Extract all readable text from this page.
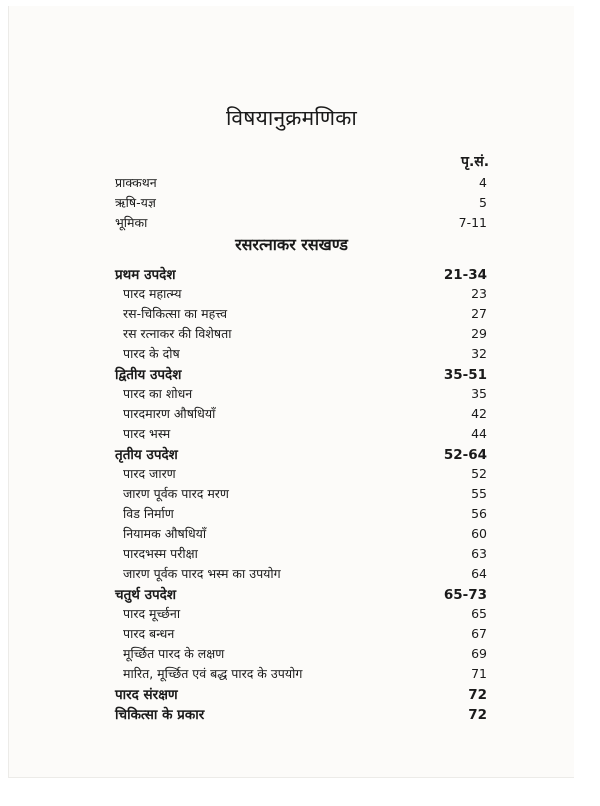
विषयानुक्रमणिका
पृ.सं.
प्राक्कथन	4
ऋषि-यज्ञ	5
भूमिका	7-11
रसरत्नाकर रसखण्ड
प्रथम उपदेश	21-34
पारद महात्म्य	23
रस-चिकित्सा का महत्त्व	27
रस रत्नाकर की विशेषता	29
पारद के दोष	32
द्वितीय उपदेश	35-51
पारद का शोधन	35
पारदमारण औषधियाँ	42
पारद भस्म	44
तृतीय उपदेश	52-64
पारद जारण	52
जारण पूर्वक पारद मरण	55
विड निर्माण	56
नियामक औषधियाँ	60
पारदभस्म परीक्षा	63
जारण पूर्वक पारद भस्म का उपयोग	64
चतुर्थ उपदेश	65-73
पारद मूर्च्छना	65
पारद बन्धन	67
मूर्च्छित पारद के लक्षण	69
मारित, मूर्च्छित एवं बद्ध पारद के उपयोग	71
पारद संरक्षण	72
चिकित्सा के प्रकार	72
